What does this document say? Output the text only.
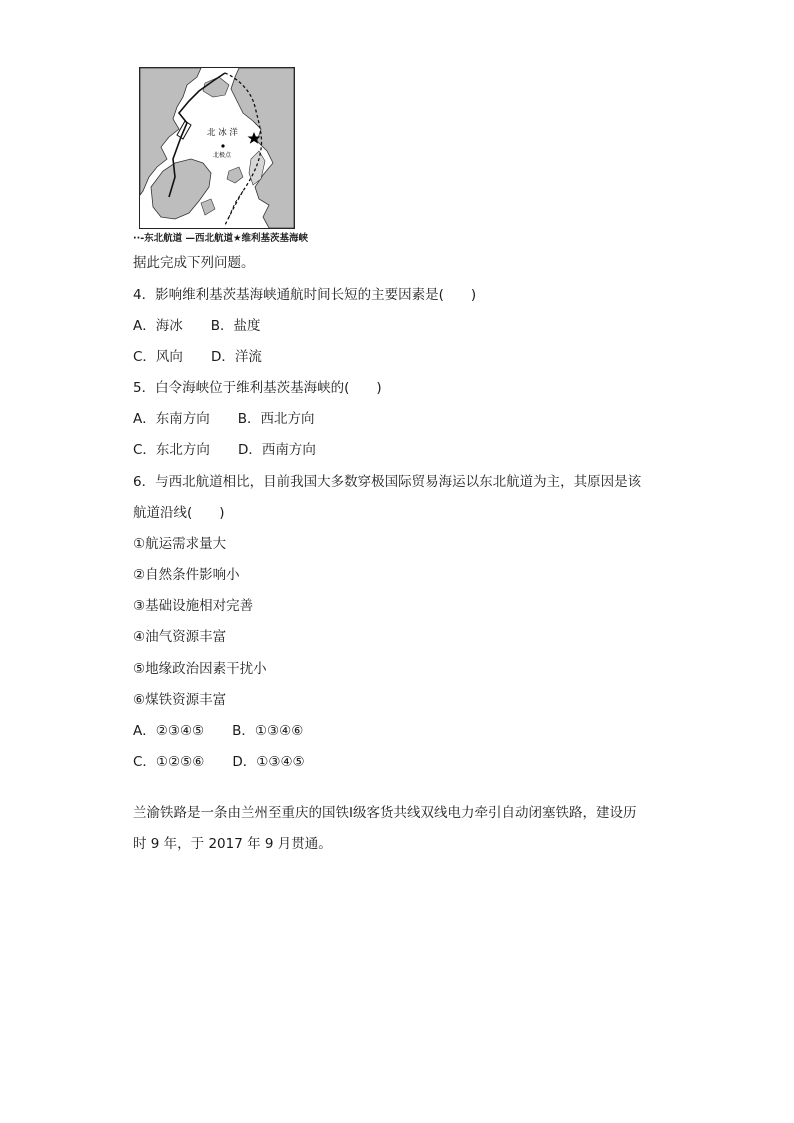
北 冰 洋
北极点
··-东北航道 —西北航道★维利基茨基海峡
据此完成下列问题。
4．影响维利基茨基海峡通航时间长短的主要因素是(　　)
A．海冰 B．盐度
C．风向 D．洋流
5．白令海峡位于维利基茨基海峡的(　　)
A．东南方向 B．西北方向
C．东北方向 D．西南方向
6．与西北航道相比，目前我国大多数穿极国际贸易海运以东北航道为主，其原因是该
航道沿线(　　)
①航运需求量大
②自然条件影响小
③基础设施相对完善
④油气资源丰富
⑤地缘政治因素干扰小
⑥煤铁资源丰富
A．②③④⑤ B．①③④⑥
C．①②⑤⑥ D．①③④⑤
兰渝铁路是一条由兰州至重庆的国铁Ⅰ级客货共线双线电力牵引自动闭塞铁路，建设历
时 9 年，于 2017 年 9 月贯通。
